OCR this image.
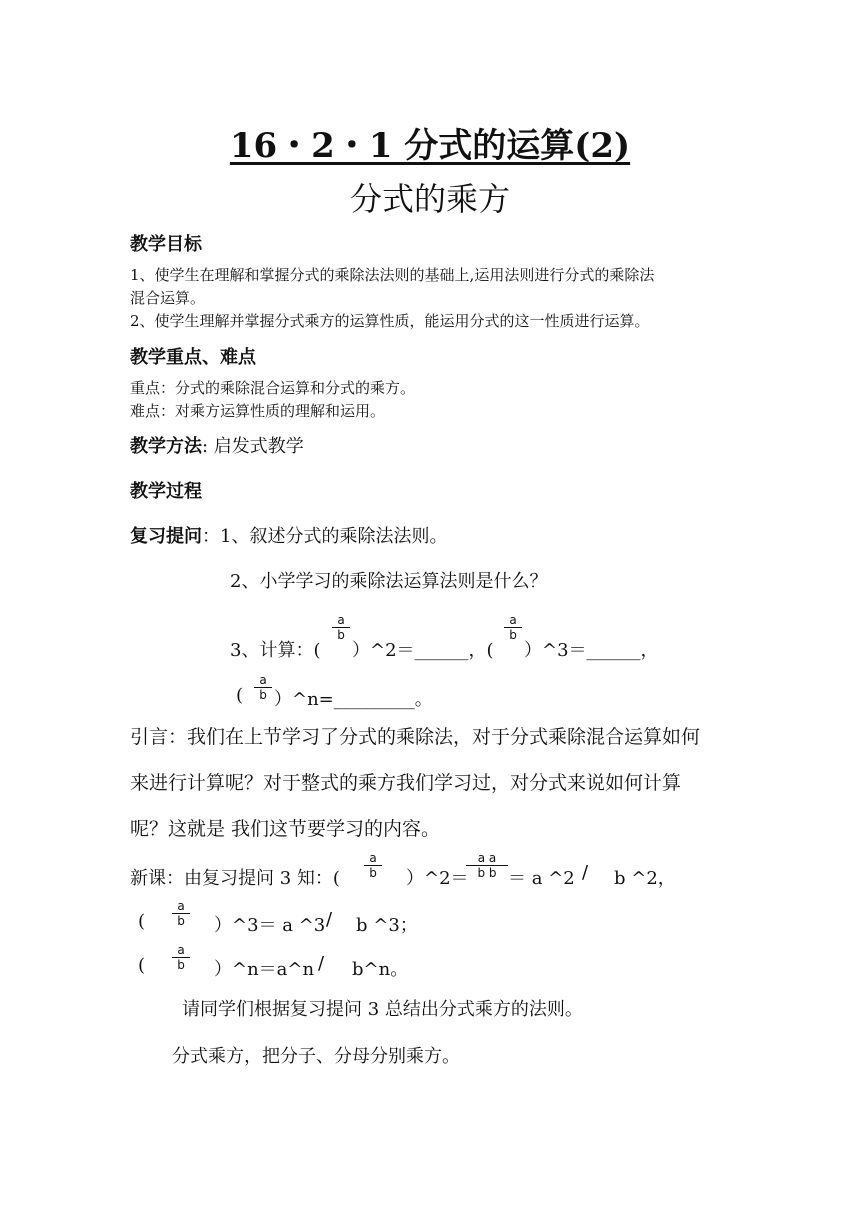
16・2・1 分式的运算(2)
分式的乘方
教学目标
1、使学生在理解和掌握分式的乘除法法则的基础上,运用法则进行分式的乘除法
混合运算。
2、使学生理解并掌握分式乘方的运算性质，能运用分式的这一性质进行运算。
教学重点、难点
重点：分式的乘除混合运算和分式的乘方。
难点：对乘方运算性质的理解和运用。
教学方法: 启发式教学
教学过程
复习提问：1、叙述分式的乘除法法则。
2、小学学习的乘除法运算法则是什么？
3、计算：(
a
b
）^2＝______，(
a
b
）^3＝______，
(
a
b ）^n=_________。
引言：我们在上节学习了分式的乘除法，对于分式乘除混合运算如何
来进行计算呢？对于整式的乘方我们学习过，对分式来说如何计算
呢？这就是 我们这节要学习的内容。
新课：由复习提问 3 知：(
a
b ）^2＝
a a
b b ＝ a ^2 / b ^2，
(
a
b ）^3＝ a ^3 / b ^3；
(
a
b ）^n＝a^n / b^n。
请同学们根据复习提问 3 总结出分式乘方的法则。
分式乘方，把分子、分母分别乘方。
